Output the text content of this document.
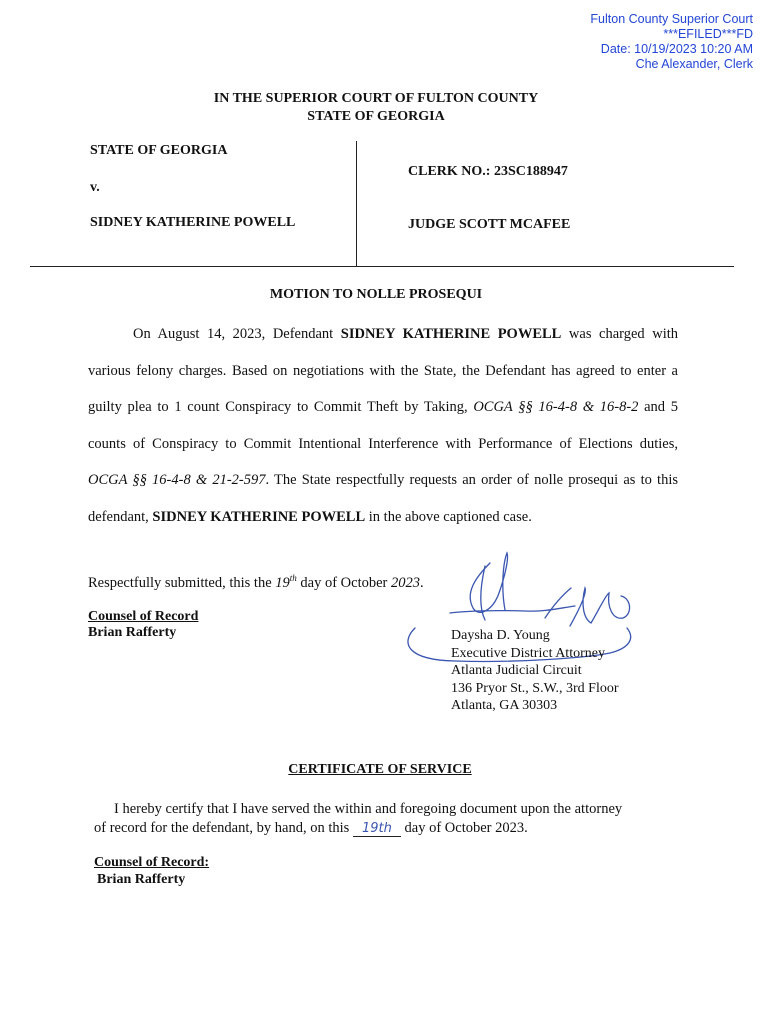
Fulton County Superior Court
***EFILED***FD
Date: 10/19/2023 10:20 AM
Che Alexander, Clerk
IN THE SUPERIOR COURT OF FULTON COUNTY
STATE OF GEORGIA
STATE OF GEORGIA
v.
SIDNEY KATHERINE POWELL
CLERK NO.: 23SC188947
JUDGE SCOTT MCAFEE
MOTION TO NOLLE PROSEQUI

On August 14, 2023, Defendant SIDNEY KATHERINE POWELL was charged with various felony charges. Based on negotiations with the State, the Defendant has agreed to enter a guilty plea to 1 count Conspiracy to Commit Theft by Taking, OCGA §§ 16-4-8 & 16-8-2 and 5 counts of Conspiracy to Commit Intentional Interference with Performance of Elections duties, OCGA §§ 16-4-8 & 21-2-597. The State respectfully requests an order of nolle prosequi as to this defendant, SIDNEY KATHERINE POWELL in the above captioned case.

Respectfully submitted, this the 19th day of October 2023.
Counsel of Record
Brian Rafferty	Daysha D. Young
Executive District Attorney
Atlanta Judicial Circuit
136 Pryor St., S.W., 3rd Floor
Atlanta, GA 30303
CERTIFICATE OF SERVICE
I hereby certify that I have served the within and foregoing document upon the attorney
of record for the defendant, by hand, on this 19th day of October 2023.
Counsel of Record:
Brian Rafferty
